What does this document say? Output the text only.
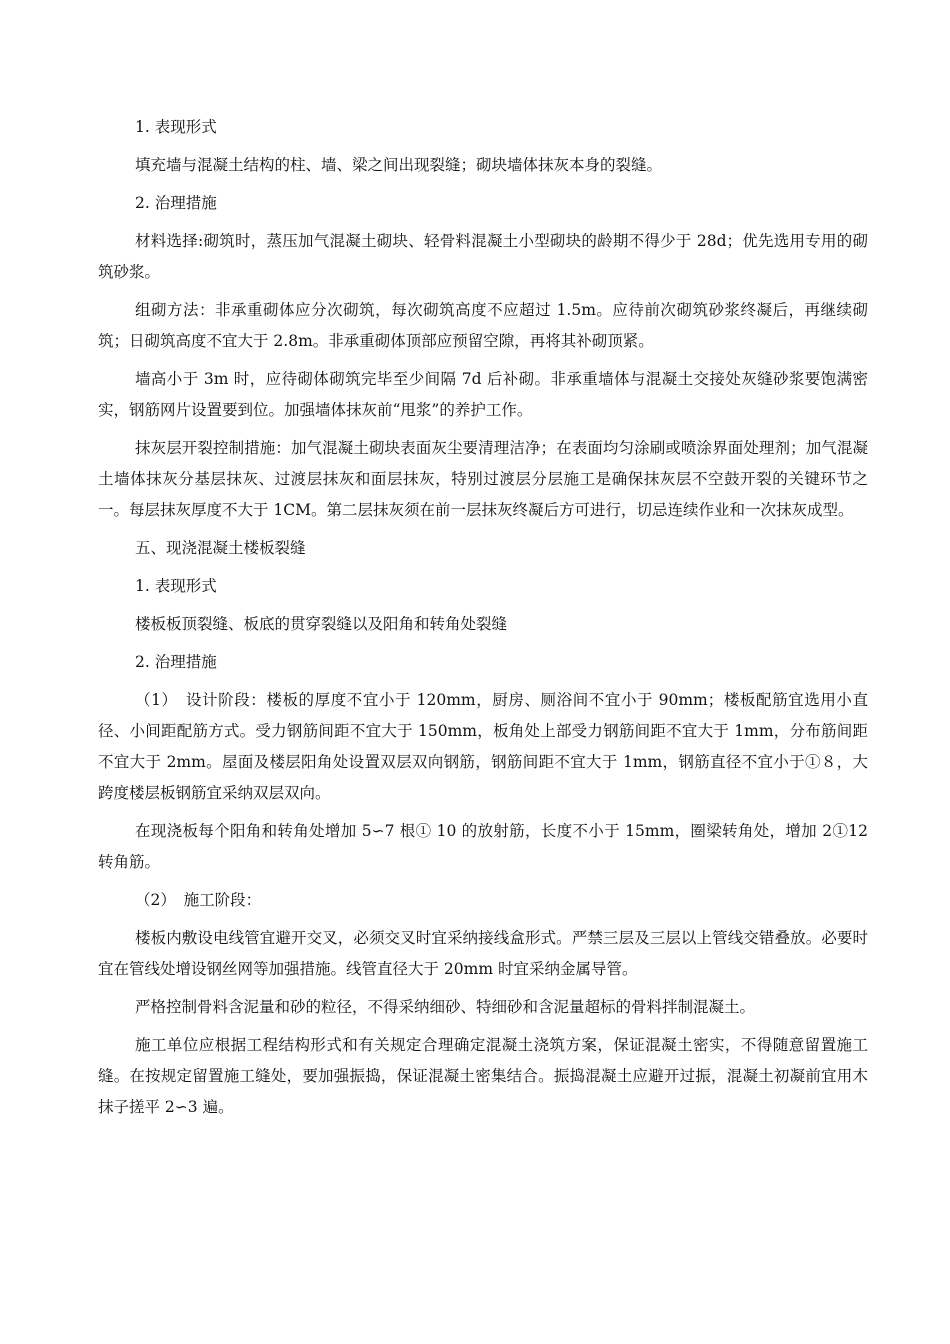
1. 表现形式

填充墙与混凝土结构的柱、墙、梁之间出现裂缝；砌块墙体抹灰本身的裂缝。

2. 治理措施

材料选择:砌筑时，蒸压加气混凝土砌块、轻骨料混凝土小型砌块的龄期不得少于 28d；优先选用专用的砌筑砂浆。

组砌方法：非承重砌体应分次砌筑，每次砌筑高度不应超过 1.5m。应待前次砌筑砂浆终凝后，再继续砌筑；日砌筑高度不宜大于 2.8m。非承重砌体顶部应预留空隙，再将其补砌顶紧。

墙高小于 3m 时，应待砌体砌筑完毕至少间隔 7d 后补砌。非承重墙体与混凝土交接处灰缝砂浆要饱满密实，钢筋网片设置要到位。加强墙体抹灰前“甩浆”的养护工作。

抹灰层开裂控制措施：加气混凝土砌块表面灰尘要清理洁净；在表面均匀涂刷或喷涂界面处理剂；加气混凝土墙体抹灰分基层抹灰、过渡层抹灰和面层抹灰，特别过渡层分层施工是确保抹灰层不空鼓开裂的关键环节之一。每层抹灰厚度不大于 1CM。第二层抹灰须在前一层抹灰终凝后方可进行，切忌连续作业和一次抹灰成型。

五、现浇混凝土楼板裂缝

1. 表现形式

楼板板顶裂缝、板底的贯穿裂缝以及阳角和转角处裂缝

2. 治理措施

（1）　设计阶段：楼板的厚度不宜小于 120mm，厨房、厕浴间不宜小于 90mm；楼板配筋宜选用小直径、小间距配筋方式。受力钢筋间距不宜大于 150mm，板角处上部受力钢筋间距不宜大于 1mm，分布筋间距不宜大于 2mm。屋面及楼层阳角处设置双层双向钢筋，钢筋间距不宜大于 1mm，钢筋直径不宜小于①８，大跨度楼层板钢筋宜采纳双层双向。

在现浇板每个阳角和转角处增加 5∽7 根① 10 的放射筋，长度不小于 15mm，圈梁转角处，增加 2①12 转角筋。

（2）　施工阶段：

楼板内敷设电线管宜避开交叉，必须交叉时宜采纳接线盒形式。严禁三层及三层以上管线交错叠放。必要时宜在管线处增设钢丝网等加强措施。线管直径大于 20mm 时宜采纳金属导管。

严格控制骨料含泥量和砂的粒径，不得采纳细砂、特细砂和含泥量超标的骨料拌制混凝土。

施工单位应根据工程结构形式和有关规定合理确定混凝土浇筑方案，保证混凝土密实，不得随意留置施工缝。在按规定留置施工缝处，要加强振捣，保证混凝土密集结合。振捣混凝土应避开过振，混凝土初凝前宜用木抹子搓平 2∽3 遍。
